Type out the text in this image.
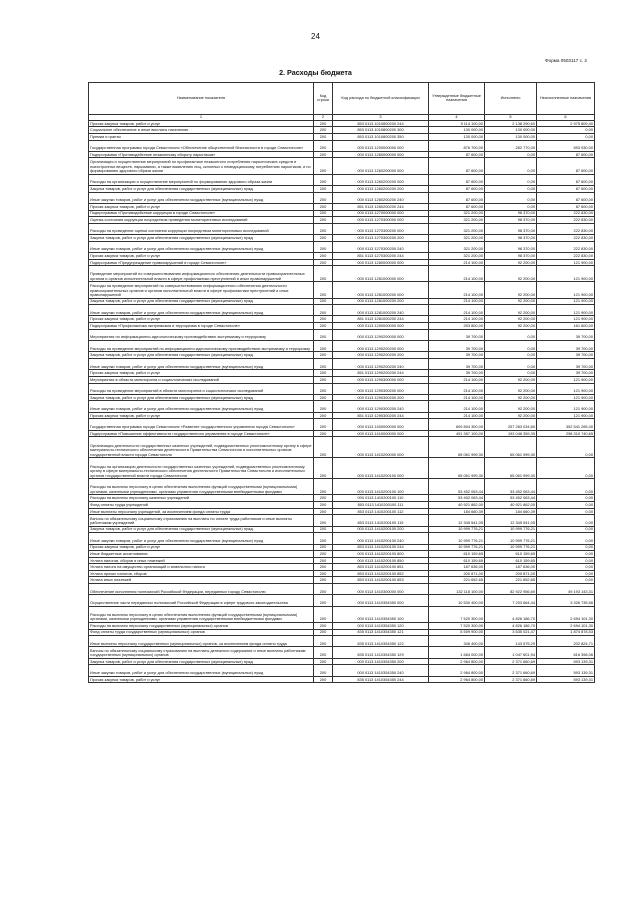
24
Форма 0503117 с. 2
2. Расходы бюджета
Наименование показателя	Код строки	Код расхода по бюджетной классификации	Утвержденные бюджетные назначения	Исполнено	Неисполненные назначения
1	2	3	4	5	6
Прочая закупка товаров, работ и услуг	200	853 0113 1010800200 244	5 114 100,00	2 138 290,60	2 975 809,40
Социальное обеспечение и иные выплаты населению	200	853 0113 1010800200 300	130 000,00	130 000,00	0,00
Премии и гранты	200	853 0113 1010800200 350	130 000,00	130 000,00	0,00
Государственная программа города Севастополя «Обеспечение общественной безопасности в городе Севастополе»	200	000 0113 1200000000 000	876 700,00	282 770,00	593 930,00
Подпрограмма «Противодействие незаконному обороту наркотиков»	200	000 0113 1260000000 000	87 600,00	0,00	87 600,00
Организация и осуществление мероприятий по профилактике незаконного потребления наркотических средств и психотропных веществ, наркомании, а также выявлению лиц, склонных к немедицинскому потреблению наркотиков, и по формированию здорового образа жизни	200	000 0113 1260200000 000	87 600,00	0,00	87 600,00
Расходы на организацию и осуществление мероприятий по формированию здорового образа жизни	200	000 0113 1260200200 000	87 600,00	0,00	87 600,00
Закупка товаров, работ и услуг для обеспечения государственных (муниципальных) нужд	200	000 0113 1260200200 200	87 600,00	0,00	87 600,00
Иные закупки товаров, работ и услуг для обеспечения государственных (муниципальных) нужд	200	000 0113 1260200200 240	87 600,00	0,00	87 600,00
Прочая закупка товаров, работ и услуг	200	851 0113 1260200200 244	87 600,00	0,00	87 600,00
Подпрограмма «Противодействие коррупции в городе Севастополе»	200	000 0113 1270000000 000	321 200,00	98 370,00	222 830,00
Оценка состояния коррупции посредством проведения мониторинговых исследований	200	000 0113 1270300000 000	321 200,00	98 370,00	222 830,00
Расходы на проведение оценки состояния коррупции посредством мониторинговых исследований	200	000 0113 1270300200 000	321 200,00	98 370,00	222 830,00
Закупка товаров, работ и услуг для обеспечения государственных (муниципальных) нужд	200	000 0113 1270300200 200	321 200,00	98 370,00	222 830,00
Иные закупки товаров, работ и услуг для обеспечения государственных (муниципальных) нужд	200	000 0113 1270300200 240	321 200,00	98 370,00	222 830,00
Прочая закупка товаров, работ и услуг	200	851 0113 1270300200 244	321 200,00	98 370,00	222 830,00
Подпрограмма «Предупреждение правонарушений в городе Севастополе»	200	000 0113 1280000000 000	214 100,00	92 200,00	121 900,00
Проведение мероприятий по совершенствованию информационного обеспечения деятельности правоохранительных органов и органов исполнительной власти в сфере профилактики преступлений и иных правонарушений	200	000 0113 1281000000 000	214 100,00	92 200,00	121 900,00
Расходы на проведение мероприятий по совершенствованию информационного обеспечения деятельности правоохранительных органов и органов исполнительной власти в сфере профилактики преступлений и иных правонарушений	200	000 0113 1281000200 000	214 100,00	92 200,00	121 900,00
Закупка товаров, работ и услуг для обеспечения государственных (муниципальных) нужд	200	000 0113 1281000200 200	214 100,00	92 200,00	121 900,00
Иные закупки товаров, работ и услуг для обеспечения государственных (муниципальных) нужд	200	000 0113 1281000200 240	214 100,00	92 200,00	121 900,00
Прочая закупка товаров, работ и услуг	200	851 0113 1281000200 244	214 100,00	92 200,00	121 900,00
Подпрограмма «Профилактика экстремизма и терроризма в городе Севастополе»	200	000 0113 1290000000 000	253 800,00	92 200,00	161 600,00
Мероприятия по информационно-идеологическому противодействию экстремизму и терроризму	200	000 0113 1290200000 000	39 700,00	0,00	39 700,00
Расходы на проведение мероприятий по информационно-идеологическому противодействию экстремизму и терроризму	200	000 0113 1290200200 000	39 700,00	0,00	39 700,00
Закупка товаров, работ и услуг для обеспечения государственных (муниципальных) нужд	200	000 0113 1290200200 200	39 700,00	0,00	39 700,00
Иные закупки товаров, работ и услуг для обеспечения государственных (муниципальных) нужд	200	000 0113 1290200200 240	39 700,00	0,00	39 700,00
Прочая закупка товаров, работ и услуг	200	851 0113 1290200200 244	39 700,00	0,00	39 700,00
Мероприятия в области мониторинга и социологических исследований	200	000 0113 1290300000 000	214 100,00	92 200,00	121 900,00
Расходы на проведение мероприятий в области мониторинга и социологических исследований	200	000 0113 1290300200 000	214 100,00	92 200,00	121 900,00
Закупка товаров, работ и услуг для обеспечения государственных (муниципальных) нужд	200	000 0113 1290300200 200	214 100,00	92 200,00	121 900,00
Иные закупки товаров, работ и услуг для обеспечения государственных (муниципальных) нужд	200	000 0113 1290300200 240	214 100,00	92 200,00	121 900,00
Прочая закупка товаров, работ и услуг	200	851 0113 1290300200 244	214 100,00	92 200,00	121 900,00
Государственная программа города Севастополя «Развитие государственного управления города Севастополя»	200	000 0113 1400000000 000	609 804 300,00	257 263 034,60	352 541 265,40
Подпрограмма «Повышение эффективности государственного управления в городе Севастополе»	200	000 0113 1410000000 000	491 357 100,00	193 046 359,35	298 310 740,65
Организация деятельности государственных казенных учреждений, подведомственных уполномоченному органу в сфере материально-технического обеспечения деятельности Правительства Севастополя и исполнительных органов государственной власти города Севастополя	200	000 0113 1410200000 000	65 061 999,30	65 061 999,30	0,00
Расходы на организацию деятельности государственных казенных учреждений, подведомственных уполномоченному органу в сфере материально-технического обеспечения деятельности Правительства Севастополя и исполнительных органов государственной власти города Севастополя	200	000 0113 1410200100 000	65 061 999,30	65 061 999,30	0,00
Расходы на выплаты персоналу в целях обеспечения выполнения функций государственными (муниципальными) органами, казенными учреждениями, органами управления государственными внебюджетными фондами	200	000 0113 1410200100 100	53 452 063,44	53 452 063,44	0,00
Расходы на выплаты персоналу казенных учреждений	200	000 0113 1410200100 110	53 452 063,44	53 452 063,44	0,00
Фонд оплаты труда учреждений	200	853 0113 1410200100 111	40 921 862,00	40 921 862,00	0,00
Иные выплаты персоналу учреждений, за исключением фонда оплаты труда	200	853 0113 1410200100 112	184 660,39	184 660,39	0,00
Взносы по обязательному социальному страхованию на выплаты по оплате труда работников и иные выплаты работникам учреждений	200	853 0113 1410200100 119	12 345 541,05	12 345 541,05	0,00
Закупка товаров, работ и услуг для обеспечения государственных (муниципальных) нужд	200	000 0113 1410200100 200	10 999 776,21	10 999 776,21	0,00
Иные закупки товаров, работ и услуг для обеспечения государственных (муниципальных) нужд	200	000 0113 1410200100 240	10 999 776,21	10 999 776,21	0,00
Прочая закупка товаров, работ и услуг	200	853 0113 1410200100 244	10 999 776,21	10 999 776,21	0,00
Иные бюджетные ассигнования	200	000 0113 1410200100 800	610 159,65	610 159,65	0,00
Уплата налогов, сборов и иных платежей	200	000 0113 1410200100 850	610 159,65	610 159,65	0,00
Уплата налога на имущество организаций и земельного налога	200	853 0113 1410200100 851	187 636,00	187 636,00	0,00
Уплата прочих налогов, сборов	200	853 0113 1410200100 852	200 871,00	200 871,00	0,00
Уплата иных платежей	200	853 0113 1410200100 853	221 652,65	221 652,65	0,00
Обеспечение исполнения полномочий Российской Федерации, переданных городу Севастополю	200	000 0113 1410300000 000	132 118 100,00	82 922 956,69	49 193 143,31
Осуществление части переданных полномочий Российской Федерации в сфере трудового законодательства	200	000 0113 1410354350 000	10 530 400,00	7 203 664,44	3 326 735,56
Расходы на выплаты персоналу в целях обеспечения выполнения функций государственными (муниципальными) органами, казенными учреждениями, органами управления государственными внебюджетными фондами	200	000 0113 1410354350 100	7 520 300,00	4 826 186,70	2 694 101,30
Расходы на выплаты персоналу государственных (муниципальных) органов	200	000 0113 1410354350 120	7 520 300,00	4 826 186,70	2 694 101,30
Фонд оплаты труда государственных (муниципальных) органов	200	835 0113 1410354350 121	5 509 900,00	3 635 021,47	1 874 878,53
Иные выплаты персоналу государственных (муниципальных) органов, за исключением фонда оплаты труда	200	835 0113 1410354350 122	346 400,00	143 575,29	202 824,71
Взносы по обязательному социальному страхованию на выплаты денежного содержания и иные выплаты работникам государственных (муниципальных) органов	200	835 0113 1410354350 129	1 664 000,00	1 047 601,94	616 398,06
Закупка товаров, работ и услуг для обеспечения государственных (муниципальных) нужд	200	000 0113 1410354350 200	2 964 800,00	2 371 660,69	593 139,31
Иные закупки товаров, работ и услуг для обеспечения государственных (муниципальных) нужд	200	000 0113 1410354350 240	2 964 800,00	2 371 660,69	593 139,31
Прочая закупка товаров, работ и услуг	200	835 0113 1410354350 244	2 964 800,00	2 371 660,69	593 139,31
